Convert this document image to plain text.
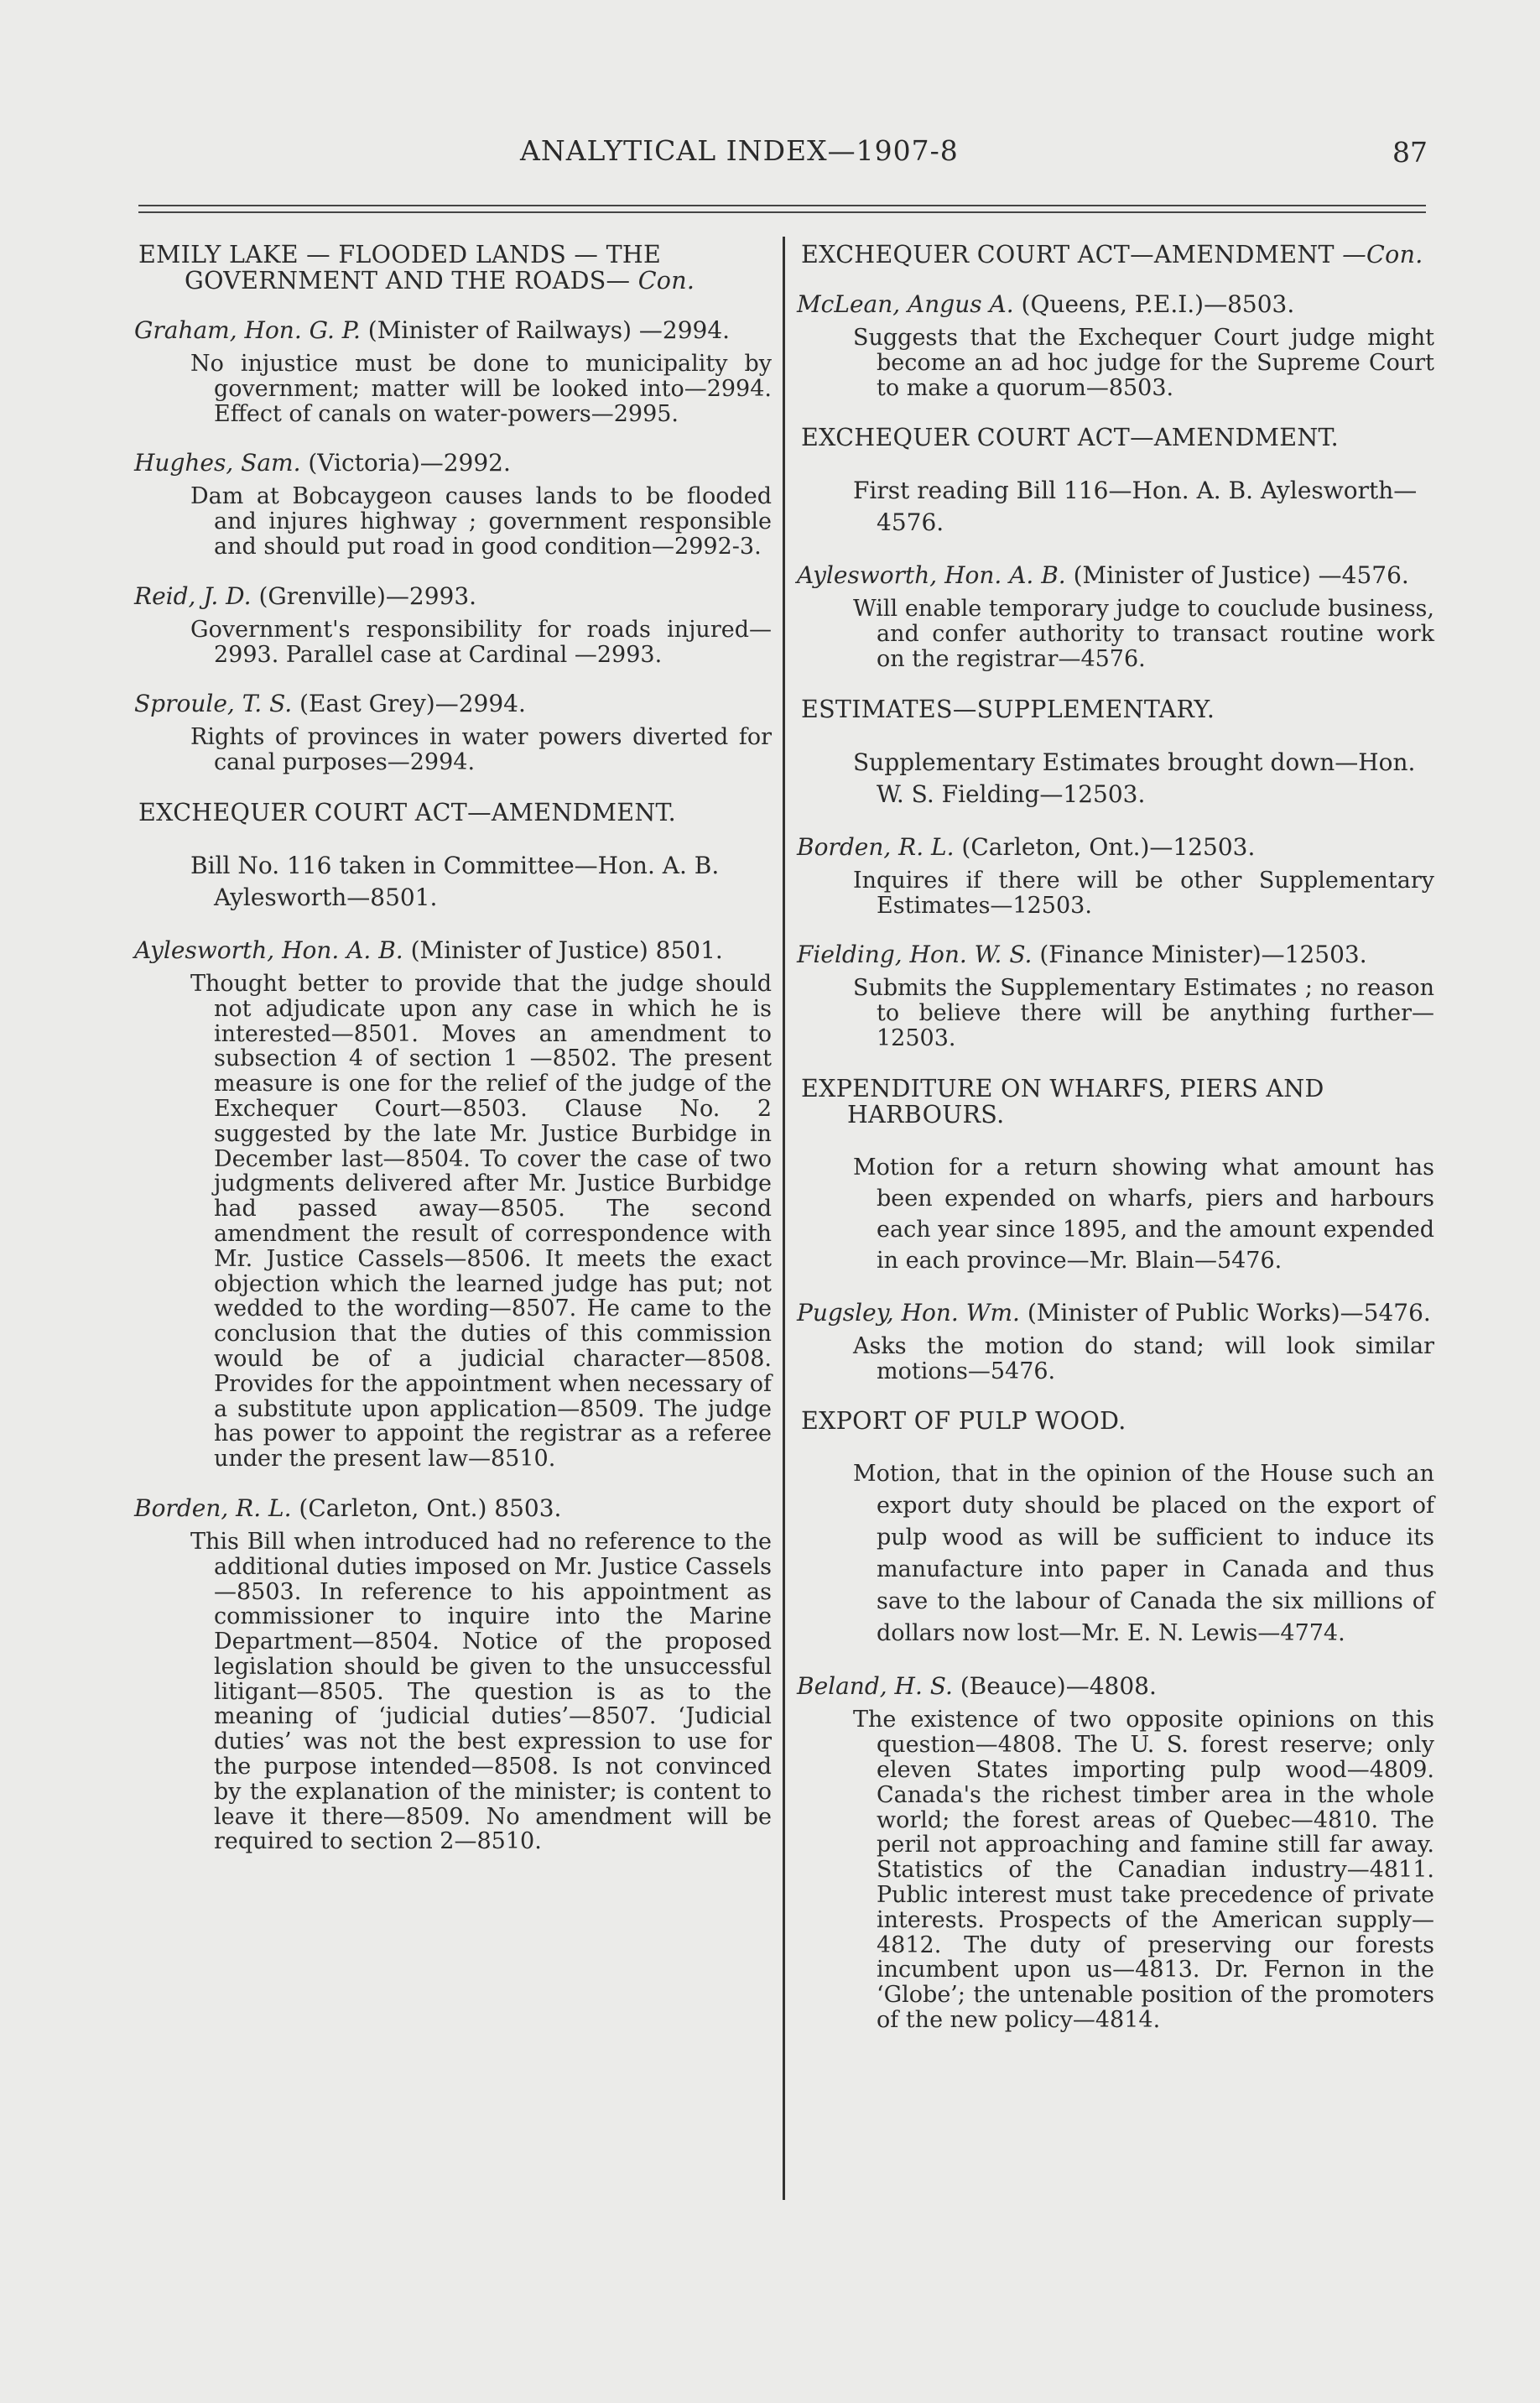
ANALYTICAL INDEX—1907-8	87
EMILY LAKE — FLOODED LANDS — THE GOVERNMENT AND THE ROADS— Con.
Graham, Hon. G. P. (Minister of Railways) —2994.
No injustice must be done to municipality by government; matter will be looked into—2994. Effect of canals on water-powers—2995.
Hughes, Sam. (Victoria)—2992.
Dam at Bobcaygeon causes lands to be flooded and injures highway ; government responsible and should put road in good condition—2992-3.
Reid, J. D. (Grenville)—2993.
Government's responsibility for roads injured—2993. Parallel case at Cardinal —2993.
Sproule, T. S. (East Grey)—2994.
Rights of provinces in water powers diverted for canal purposes—2994.
EXCHEQUER COURT ACT—AMENDMENT.
Bill No. 116 taken in Committee—Hon. A. B. Aylesworth—8501.
Aylesworth, Hon. A. B. (Minister of Justice) 8501.
Thought better to provide that the judge should not adjudicate upon any case in which he is interested—8501. Moves an amendment to subsection 4 of section 1 —8502. The present measure is one for the relief of the judge of the Exchequer Court—8503. Clause No. 2 suggested by the late Mr. Justice Burbidge in December last—8504. To cover the case of two judgments delivered after Mr. Justice Burbidge had passed away—8505. The second amendment the result of correspondence with Mr. Justice Cassels—8506. It meets the exact objection which the learned judge has put; not wedded to the wording—8507. He came to the conclusion that the duties of this commission would be of a judicial character—8508. Provides for the appointment when necessary of a substitute upon application—8509. The judge has power to appoint the registrar as a referee under the present law—8510.
Borden, R. L. (Carleton, Ont.) 8503.
This Bill when introduced had no reference to the additional duties imposed on Mr. Justice Cassels—8503. In reference to his appointment as commissioner to inquire into the Marine Department—8504. Notice of the proposed legislation should be given to the unsuccessful litigant—8505. The question is as to the meaning of ‘judicial duties’—8507. ‘Judicial duties’ was not the best expression to use for the purpose intended—8508. Is not convinced by the explanation of the minister; is content to leave it there—8509. No amendment will be required to section 2—8510.
EXCHEQUER COURT ACT—AMENDMENT —Con.
McLean, Angus A. (Queens, P.E.I.)—8503.
Suggests that the Exchequer Court judge might become an ad hoc judge for the Supreme Court to make a quorum—8503.
EXCHEQUER COURT ACT—AMENDMENT.
First reading Bill 116—Hon. A. B. Aylesworth—4576.
Aylesworth, Hon. A. B. (Minister of Justice) —4576.
Will enable temporary judge to couclude business, and confer authority to transact routine work on the registrar—4576.
ESTIMATES—SUPPLEMENTARY.
Supplementary Estimates brought down—Hon. W. S. Fielding—12503.
Borden, R. L. (Carleton, Ont.)—12503.
Inquires if there will be other Supplementary Estimates—12503.
Fielding, Hon. W. S. (Finance Minister)—12503.
Submits the Supplementary Estimates ; no reason to believe there will be anything further—12503.
EXPENDITURE ON WHARFS, PIERS AND HARBOURS.
Motion for a return showing what amount has been expended on wharfs, piers and harbours each year since 1895, and the amount expended in each province—Mr. Blain—5476.
Pugsley, Hon. Wm. (Minister of Public Works)—5476.
Asks the motion do stand; will look similar motions—5476.
EXPORT OF PULP WOOD.
Motion, that in the opinion of the House such an export duty should be placed on the export of pulp wood as will be sufficient to induce its manufacture into paper in Canada and thus save to the labour of Canada the six millions of dollars now lost—Mr. E. N. Lewis—4774.
Beland, H. S. (Beauce)—4808.
The existence of two opposite opinions on this question—4808. The U. S. forest reserve; only eleven States importing pulp wood—4809. Canada's the richest timber area in the whole world; the forest areas of Quebec—4810. The peril not approaching and famine still far away. Statistics of the Canadian industry—4811. Public interest must take precedence of private interests. Prospects of the American supply—4812. The duty of preserving our forests incumbent upon us—4813. Dr. Fernon in the ‘Globe’; the untenable position of the promoters of the new policy—4814.
